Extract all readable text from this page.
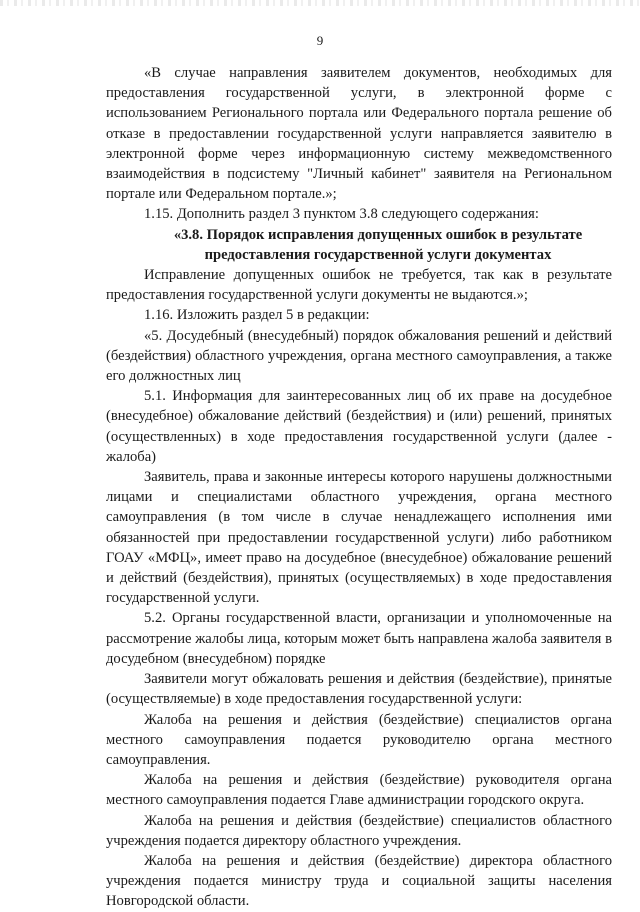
9

«В случае направления заявителем документов, необходимых для предоставления государственной услуги, в электронной форме с использованием Регионального портала или Федерального портала решение об отказе в предоставлении государственной услуги направляется заявителю в электронной форме через информационную систему межведомственного взаимодействия в подсистему "Личный кабинет" заявителя на Региональном портале или Федеральном портале.»;

1.15. Дополнить раздел 3 пунктом 3.8 следующего содержания:

«3.8. Порядок исправления допущенных ошибок в результате предоставления государственной услуги документах

Исправление допущенных ошибок не требуется, так как в результате предоставления государственной услуги документы не выдаются.»;

1.16. Изложить раздел 5 в редакции:

«5. Досудебный (внесудебный) порядок обжалования решений и действий (бездействия) областного учреждения, органа местного самоуправления, а также его должностных лиц

5.1. Информация для заинтересованных лиц об их праве на досудебное (внесудебное) обжалование действий (бездействия) и (или) решений, принятых (осуществленных) в ходе предоставления государственной услуги (далее - жалоба)

Заявитель, права и законные интересы которого нарушены должностными лицами и специалистами областного учреждения, органа местного самоуправления (в том числе в случае ненадлежащего исполнения ими обязанностей при предоставлении государственной услуги) либо работником ГОАУ «МФЦ», имеет право на досудебное (внесудебное) обжалование решений и действий (бездействия), принятых (осуществляемых) в ходе предоставления государственной услуги.

5.2. Органы государственной власти, организации и уполномоченные на рассмотрение жалобы лица, которым может быть направлена жалоба заявителя в досудебном (внесудебном) порядке

Заявители могут обжаловать решения и действия (бездействие), принятые (осуществляемые) в ходе предоставления государственной услуги:

Жалоба на решения и действия (бездействие) специалистов органа местного самоуправления подается руководителю органа местного самоуправления.

Жалоба на решения и действия (бездействие) руководителя органа местного самоуправления подается Главе администрации городского округа.

Жалоба на решения и действия (бездействие) специалистов областного учреждения подается директору областного учреждения.

Жалоба на решения и действия (бездействие) директора областного учреждения подается министру труда и социальной защиты населения Новгородской области.
